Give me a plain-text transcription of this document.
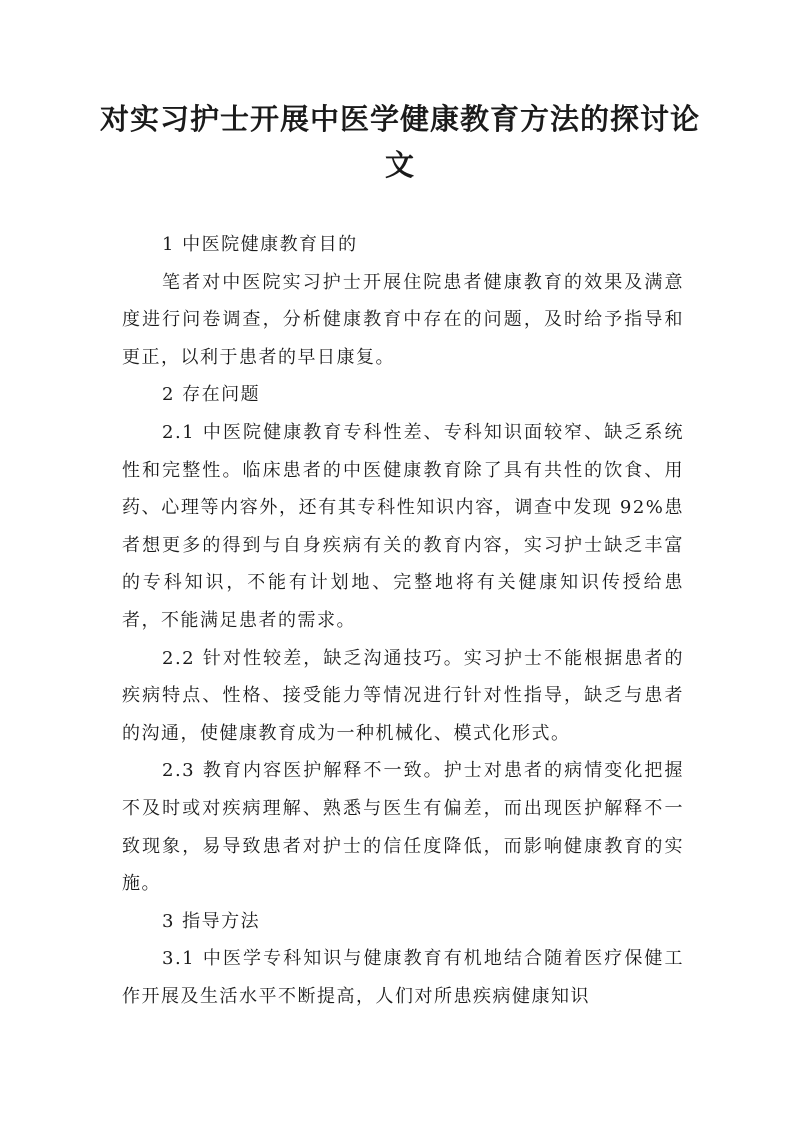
对实习护士开展中医学健康教育方法的探讨论文

1 中医院健康教育目的

笔者对中医院实习护士开展住院患者健康教育的效果及满意度进行问卷调查，分析健康教育中存在的问题，及时给予指导和更正，以利于患者的早日康复。

2 存在问题

2.1 中医院健康教育专科性差、专科知识面较窄、缺乏系统性和完整性。临床患者的中医健康教育除了具有共性的饮食、用药、心理等内容外，还有其专科性知识内容，调查中发现 92%患者想更多的得到与自身疾病有关的教育内容，实习护士缺乏丰富的专科知识，不能有计划地、完整地将有关健康知识传授给患者，不能满足患者的需求。

2.2 针对性较差，缺乏沟通技巧。实习护士不能根据患者的疾病特点、性格、接受能力等情况进行针对性指导，缺乏与患者的沟通，使健康教育成为一种机械化、模式化形式。

2.3 教育内容医护解释不一致。护士对患者的病情变化把握不及时或对疾病理解、熟悉与医生有偏差，而出现医护解释不一致现象，易导致患者对护士的信任度降低，而影响健康教育的实施。

3 指导方法

3.1 中医学专科知识与健康教育有机地结合随着医疗保健工作开展及生活水平不断提高，人们对所患疾病健康知识
